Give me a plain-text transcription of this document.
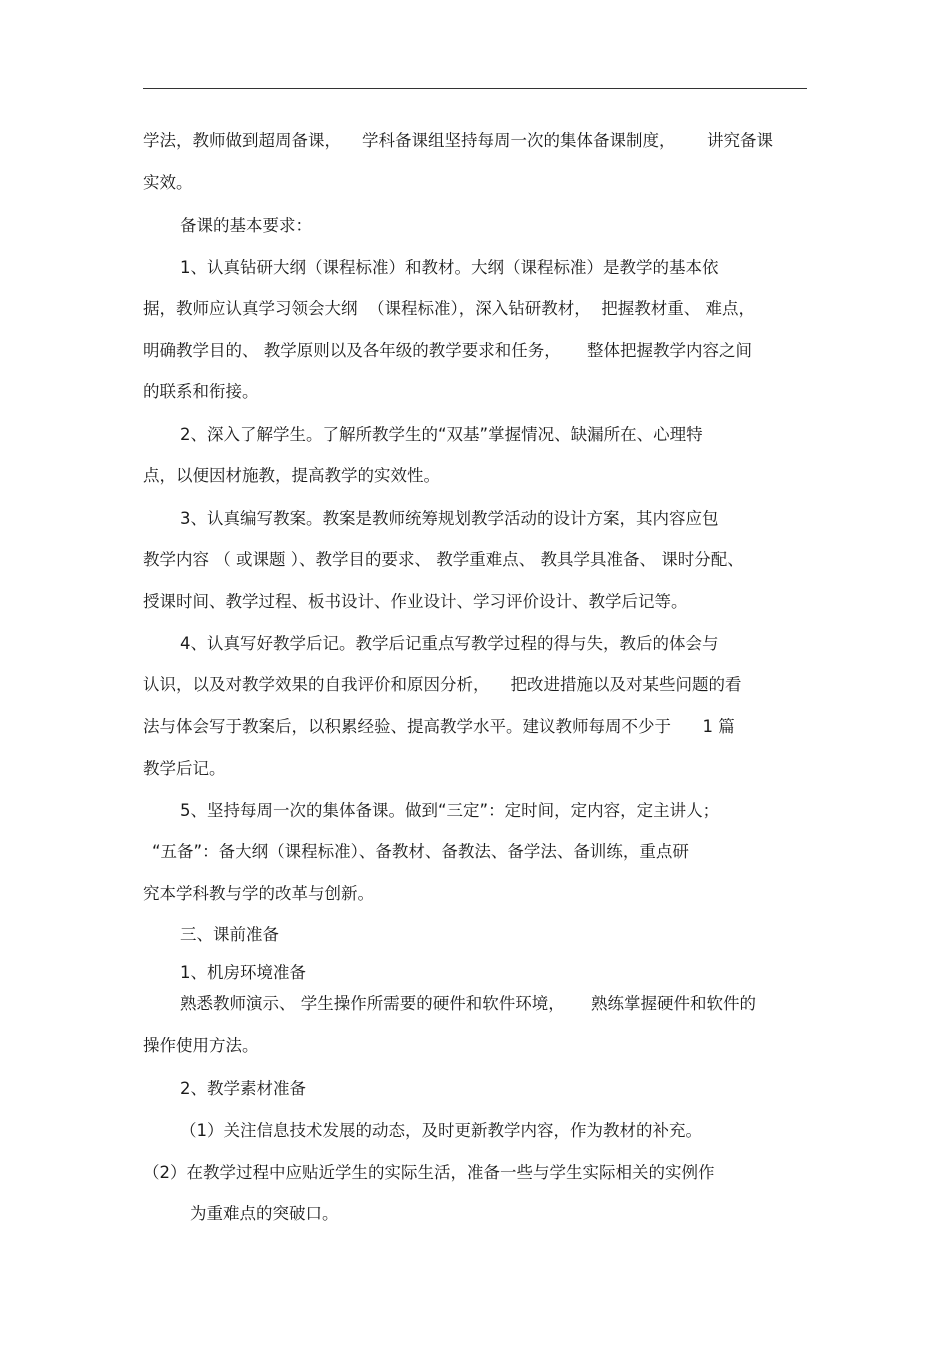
学法，教师做到超周备课，    学科备课组坚持每周一次的集体备课制度，      讲究备课
实效。
备课的基本要求：
1、认真钻研大纲（课程标准）和教材。大纲（课程标准）是教学的基本依
据，教师应认真学习领会大纲  （课程标准），深入钻研教材，  把握教材重、 难点，
明确教学目的、 教学原则以及各年级的教学要求和任务，     整体把握教学内容之间
的联系和衔接。
2、深入了解学生。了解所教学生的“双基”掌握情况、缺漏所在、心理特
点，以便因材施教，提高教学的实效性。
3、认真编写教案。教案是教师统筹规划教学活动的设计方案，其内容应包
教学内容 （ 或课题 ）、教学目的要求、 教学重难点、 教具学具准备、 课时分配、
授课时间、教学过程、板书设计、作业设计、学习评价设计、教学后记等。
4、认真写好教学后记。教学后记重点写教学过程的得与失，教后的体会与
认识，以及对教学效果的自我评价和原因分析，    把改进措施以及对某些问题的看
法与体会写于教案后，以积累经验、提高教学水平。建议教师每周不少于      1 篇
教学后记。
5、坚持每周一次的集体备课。做到“三定”：定时间，定内容，定主讲人；
“五备”：备大纲（课程标准）、备教材、备教法、备学法、备训练，重点研
究本学科教与学的改革与创新。
三、课前准备
1、机房环境准备
熟悉教师演示、 学生操作所需要的硬件和软件环境，     熟练掌握硬件和软件的
操作使用方法。
2、教学素材准备
（1）关注信息技术发展的动态，及时更新教学内容，作为教材的补充。
（2）在教学过程中应贴近学生的实际生活，准备一些与学生实际相关的实例作
为重难点的突破口。
